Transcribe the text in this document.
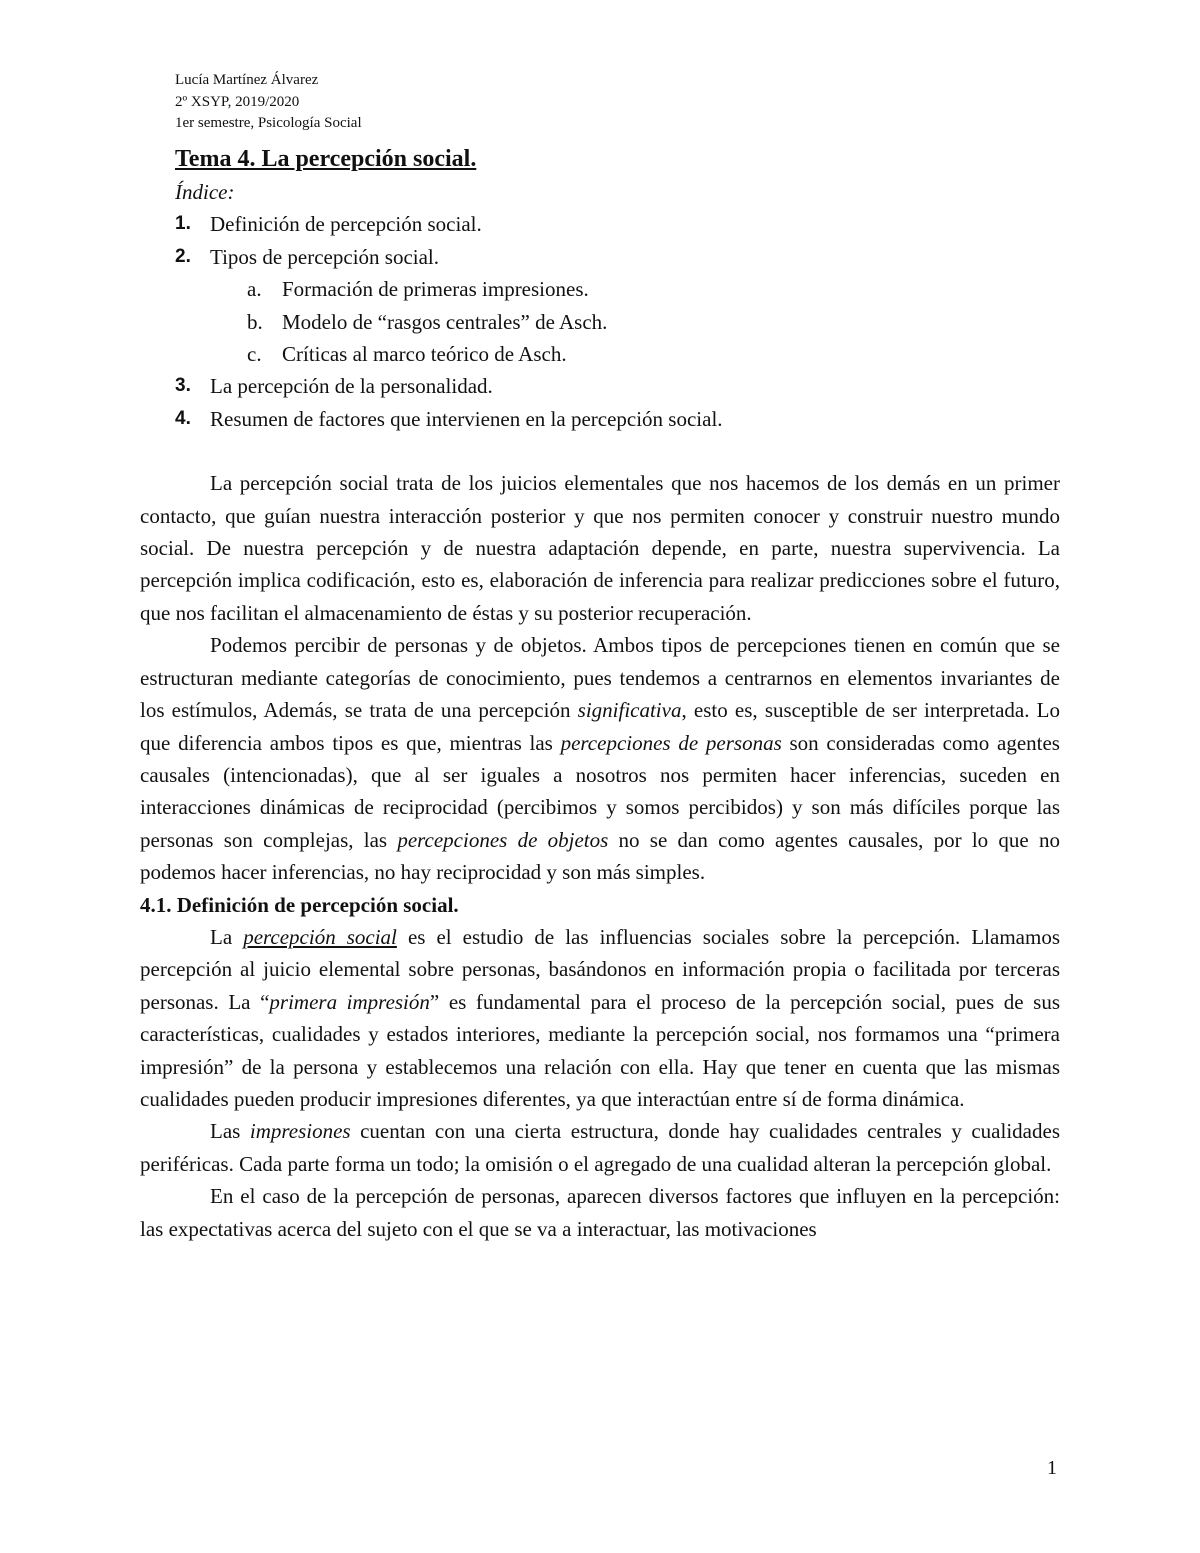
Lucía Martínez Álvarez
2º XSYP, 2019/2020
1er semestre, Psicología Social
Tema 4. La percepción social.
Índice:
1. Definición de percepción social.
2. Tipos de percepción social.
a. Formación de primeras impresiones.
b. Modelo de “rasgos centrales” de Asch.
c. Críticas al marco teórico de Asch.
3. La percepción de la personalidad.
4. Resumen de factores que intervienen en la percepción social.

La percepción social trata de los juicios elementales que nos hacemos de los demás en un primer contacto, que guían nuestra interacción posterior y que nos permiten conocer y construir nuestro mundo social. De nuestra percepción y de nuestra adaptación depende, en parte, nuestra supervivencia. La percepción implica codificación, esto es, elaboración de inferencia para realizar predicciones sobre el futuro, que nos facilitan el almacenamiento de éstas y su posterior recuperación.

Podemos percibir de personas y de objetos. Ambos tipos de percepciones tienen en común que se estructuran mediante categorías de conocimiento, pues tendemos a centrarnos en elementos invariantes de los estímulos, Además, se trata de una percepción significativa, esto es, susceptible de ser interpretada. Lo que diferencia ambos tipos es que, mientras las percepciones de personas son consideradas como agentes causales (intencionadas), que al ser iguales a nosotros nos permiten hacer inferencias, suceden en interacciones dinámicas de reciprocidad (percibimos y somos percibidos) y son más difíciles porque las personas son complejas, las percepciones de objetos no se dan como agentes causales, por lo que no podemos hacer inferencias, no hay reciprocidad y son más simples.

4.1. Definición de percepción social.

La percepción social es el estudio de las influencias sociales sobre la percepción. Llamamos percepción al juicio elemental sobre personas, basándonos en información propia o facilitada por terceras personas. La “primera impresión” es fundamental para el proceso de la percepción social, pues de sus características, cualidades y estados interiores, mediante la percepción social, nos formamos una “primera impresión” de la persona y establecemos una relación con ella. Hay que tener en cuenta que las mismas cualidades pueden producir impresiones diferentes, ya que interactúan entre sí de forma dinámica.

Las impresiones cuentan con una cierta estructura, donde hay cualidades centrales y cualidades periféricas. Cada parte forma un todo; la omisión o el agregado de una cualidad alteran la percepción global.

En el caso de la percepción de personas, aparecen diversos factores que influyen en la percepción: las expectativas acerca del sujeto con el que se va a interactuar, las motivaciones

1
